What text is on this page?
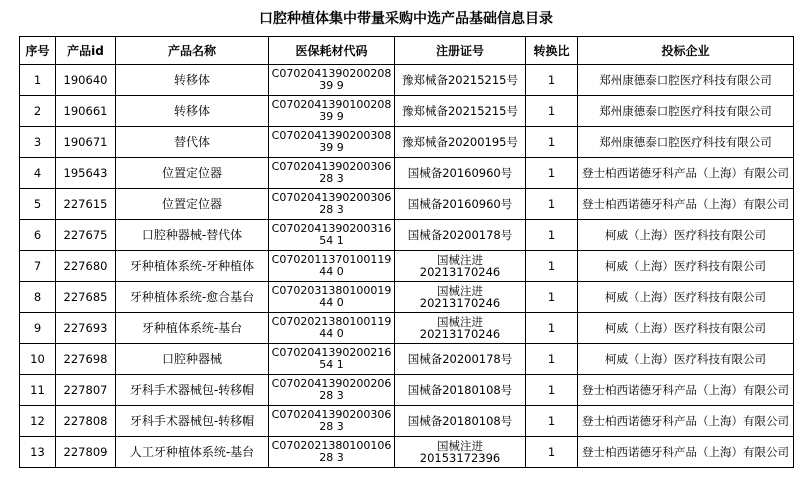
口腔种植体集中带量采购中选产品基础信息目录
序号	产品id	产品名称	医保耗材代码	注册证号	转换比	投标企业
1	190640	转移体	C070204139020020839 9	豫郑械备20215215号	1	郑州康德泰口腔医疗科技有限公司
2	190661	转移体	C070204139010020839 9	豫郑械备20215215号	1	郑州康德泰口腔医疗科技有限公司
3	190671	替代体	C070204139020030839 9	豫郑械备20200195号	1	郑州康德泰口腔医疗科技有限公司
4	195643	位置定位器	C070204139020030628 3	国械备20160960号	1	登士柏西诺德牙科产品（上海）有限公司
5	227615	位置定位器	C070204139020030628 3	国械备20160960号	1	登士柏西诺德牙科产品（上海）有限公司
6	227675	口腔种器械-替代体	C070204139020031654 1	国械备20200178号	1	柯威（上海）医疗科技有限公司
7	227680	牙种植体系统-牙种植体	C070201137010011944 0	国械注进 20213170246	1	柯威（上海）医疗科技有限公司
8	227685	牙种植体系统-愈合基台	C070203138010001944 0	国械注进 20213170246	1	柯威（上海）医疗科技有限公司
9	227693	牙种植体系统-基台	C070202138010011944 0	国械注进 20213170246	1	柯威（上海）医疗科技有限公司
10	227698	口腔种器械	C070204139020021654 1	国械备20200178号	1	柯威（上海）医疗科技有限公司
11	227807	牙科手术器械包-转移帽	C070204139020020628 3	国械备20180108号	1	登士柏西诺德牙科产品（上海）有限公司
12	227808	牙科手术器械包-转移帽	C070204139020030628 3	国械备20180108号	1	登士柏西诺德牙科产品（上海）有限公司
13	227809	人工牙种植体系统-基台	C070202138010010628 3	国械注进 20153172396	1	登士柏西诺德牙科产品（上海）有限公司
